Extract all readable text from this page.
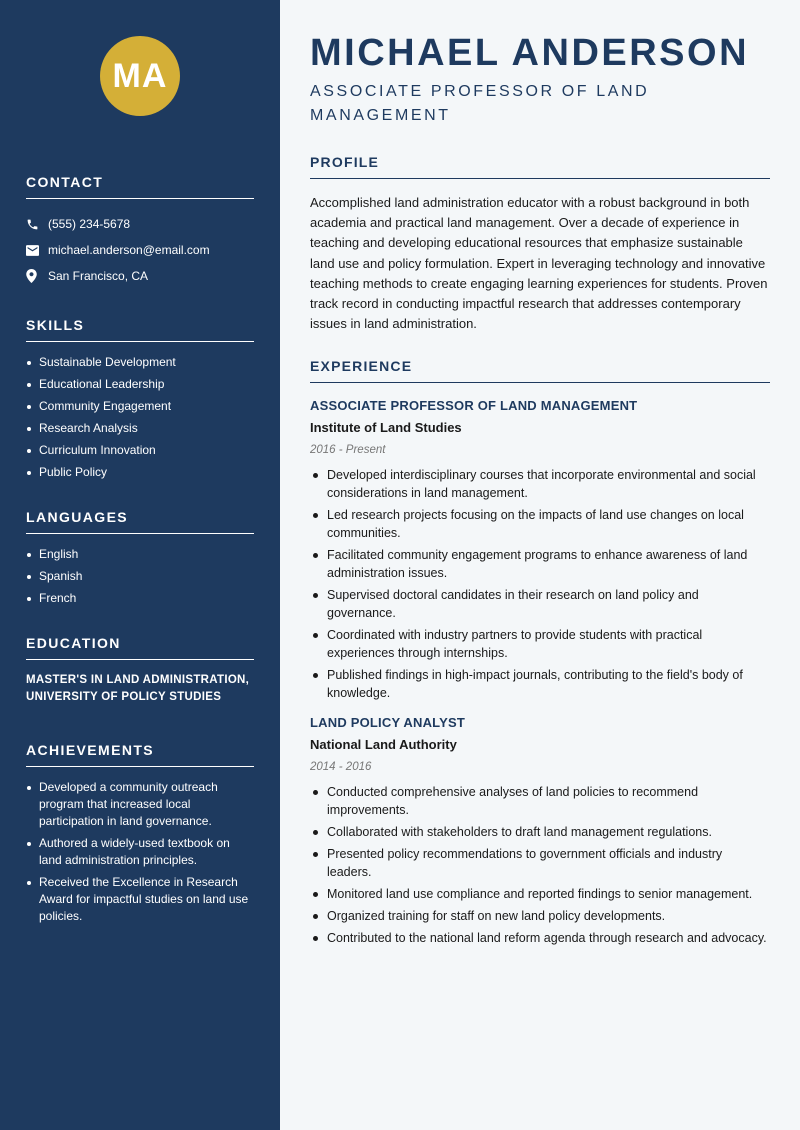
MA
CONTACT
(555) 234-5678
michael.anderson@email.com
San Francisco, CA
SKILLS
Sustainable Development
Educational Leadership
Community Engagement
Research Analysis
Curriculum Innovation
Public Policy
LANGUAGES
English
Spanish
French
EDUCATION

MASTER'S IN LAND ADMINISTRATION, UNIVERSITY OF POLICY STUDIES

ACHIEVEMENTS
Developed a community outreach program that increased local participation in land governance.
Authored a widely-used textbook on land administration principles.
Received the Excellence in Research Award for impactful studies on land use policies.
MICHAEL ANDERSON
ASSOCIATE PROFESSOR OF LAND MANAGEMENT
PROFILE

Accomplished land administration educator with a robust background in both academia and practical land management. Over a decade of experience in teaching and developing educational resources that emphasize sustainable land use and policy formulation. Expert in leveraging technology and innovative teaching methods to create engaging learning experiences for students. Proven track record in conducting impactful research that addresses contemporary issues in land administration.

EXPERIENCE
ASSOCIATE PROFESSOR OF LAND MANAGEMENT
Institute of Land Studies
2016 - Present
Developed interdisciplinary courses that incorporate environmental and social considerations in land management.
Led research projects focusing on the impacts of land use changes on local communities.
Facilitated community engagement programs to enhance awareness of land administration issues.
Supervised doctoral candidates in their research on land policy and governance.
Coordinated with industry partners to provide students with practical experiences through internships.
Published findings in high-impact journals, contributing to the field's body of knowledge.
LAND POLICY ANALYST
National Land Authority
2014 - 2016
Conducted comprehensive analyses of land policies to recommend improvements.
Collaborated with stakeholders to draft land management regulations.
Presented policy recommendations to government officials and industry leaders.
Monitored land use compliance and reported findings to senior management.
Organized training for staff on new land policy developments.
Contributed to the national land reform agenda through research and advocacy.
